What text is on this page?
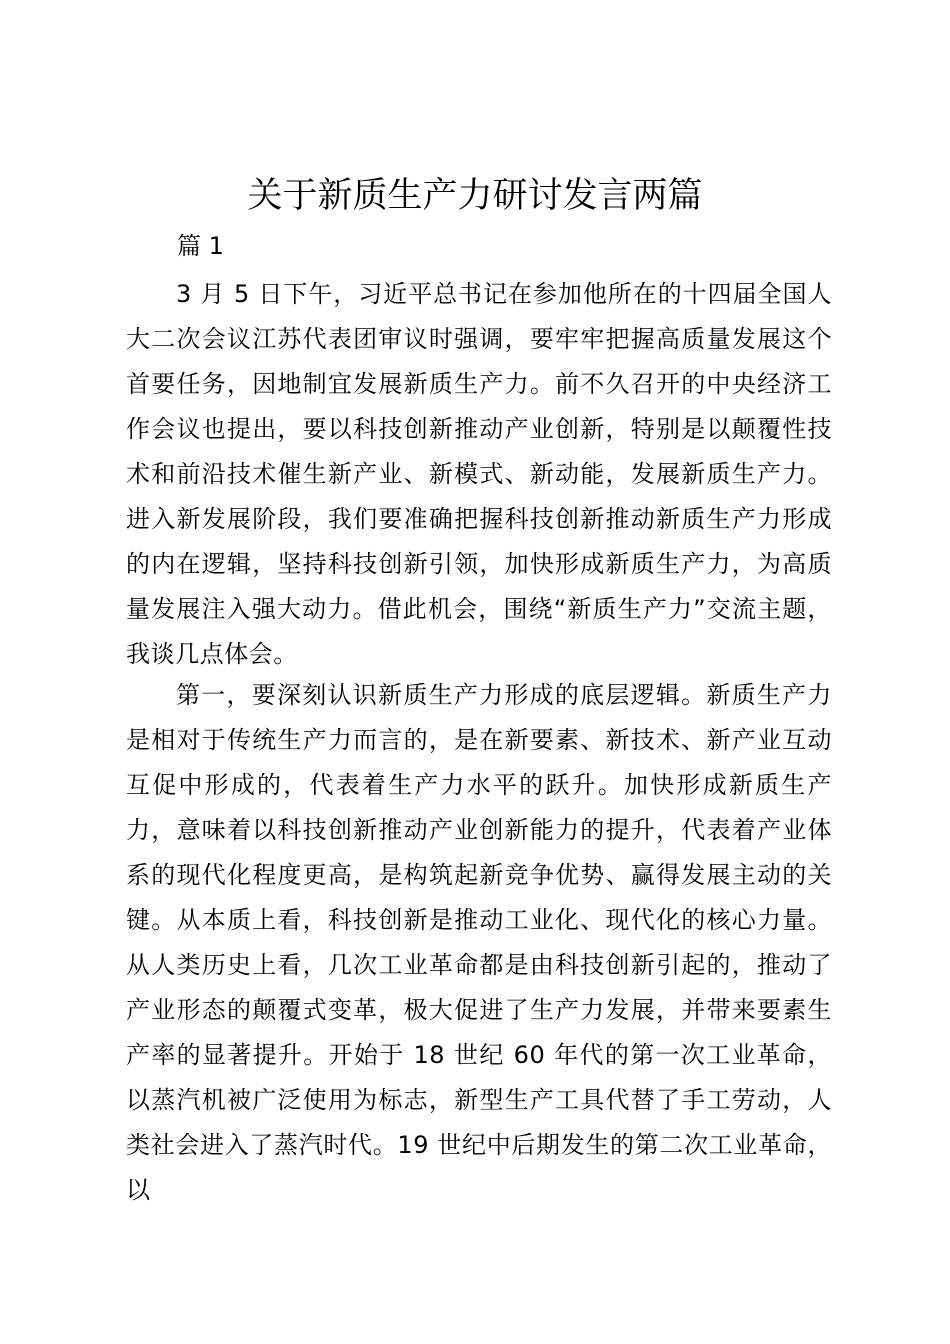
关于新质生产力研讨发言两篇

篇 1

3 月 5 日下午，习近平总书记在参加他所在的十四届全国人大二次会议江苏代表团审议时强调，要牢牢把握高质量发展这个首要任务，因地制宜发展新质生产力。前不久召开的中央经济工作会议也提出，要以科技创新推动产业创新，特别是以颠覆性技术和前沿技术催生新产业、新模式、新动能，发展新质生产力。进入新发展阶段，我们要准确把握科技创新推动新质生产力形成的内在逻辑，坚持科技创新引领，加快形成新质生产力，为高质量发展注入强大动力。借此机会，围绕“新质生产力”交流主题，我谈几点体会。

第一，要深刻认识新质生产力形成的底层逻辑。新质生产力是相对于传统生产力而言的，是在新要素、新技术、新产业互动互促中形成的，代表着生产力水平的跃升。加快形成新质生产力，意味着以科技创新推动产业创新能力的提升，代表着产业体系的现代化程度更高，是构筑起新竞争优势、赢得发展主动的关键。从本质上看，科技创新是推动工业化、现代化的核心力量。从人类历史上看，几次工业革命都是由科技创新引起的，推动了产业形态的颠覆式变革，极大促进了生产力发展，并带来要素生产率的显著提升。开始于 18 世纪 60 年代的第一次工业革命，以蒸汽机被广泛使用为标志，新型生产工具代替了手工劳动，人类社会进入了蒸汽时代。19 世纪中后期发生的第二次工业革命，以
